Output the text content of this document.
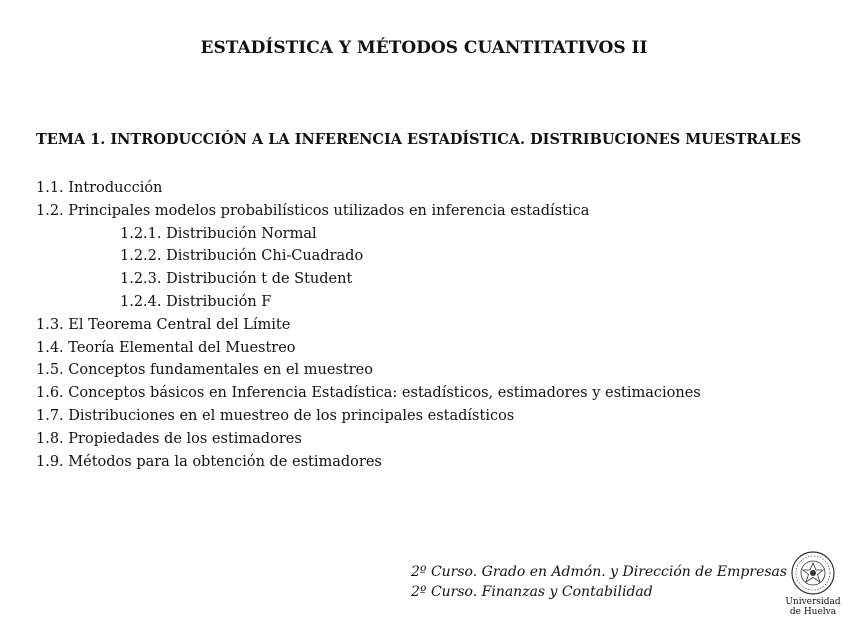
ESTADÍSTICA Y MÉTODOS CUANTITATIVOS II
TEMA 1. INTRODUCCIÓN A LA INFERENCIA ESTADÍSTICA. DISTRIBUCIONES MUESTRALES
1.1. Introducción
1.2. Principales modelos probabilísticos utilizados en inferencia estadística
1.2.1. Distribución Normal
1.2.2. Distribución Chi-Cuadrado
1.2.3. Distribución t de Student
1.2.4. Distribución F
1.3. El Teorema Central del Límite
1.4. Teoría Elemental del Muestreo
1.5. Conceptos fundamentales en el muestreo
1.6. Conceptos básicos en Inferencia Estadística: estadísticos, estimadores y estimaciones
1.7. Distribuciones en el muestreo de los principales estadísticos
1.8. Propiedades de los estimadores
1.9. Métodos para la obtención de estimadores
2º Curso. Grado en Admón. y Dirección de Empresas
2º Curso. Finanzas y Contabilidad
Universidad
de Huelva
